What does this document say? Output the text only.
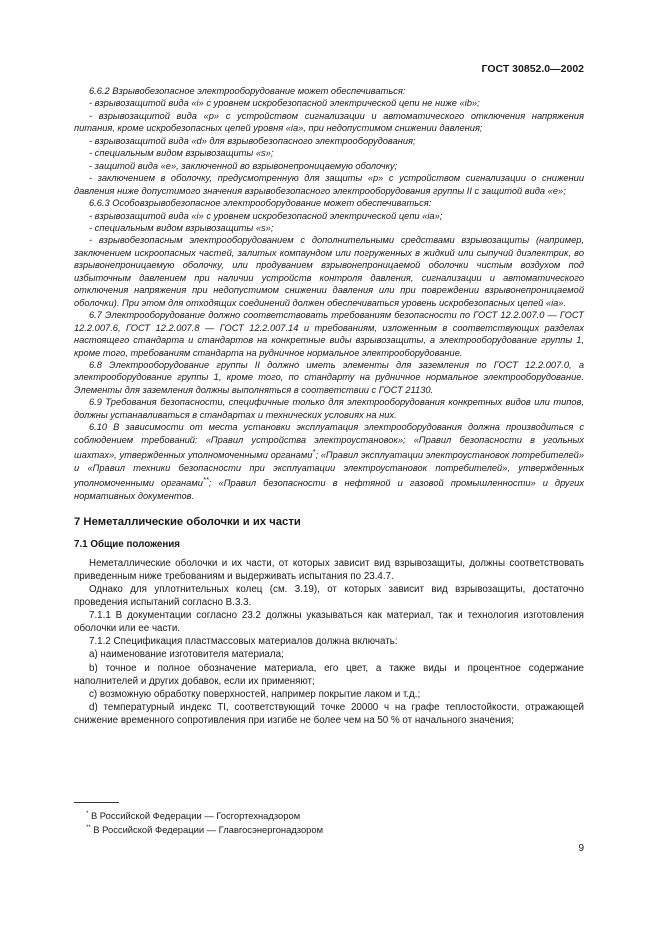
ГОСТ 30852.0—2002

6.6.2 Взрывобезопасное электрооборудование может обеспечиваться:

- взрывозащитой вида «i» с уровнем искробезопасной электрической цепи не ниже «ib»;

- взрывозащитой вида «р» с устройством сигнализации и автоматического отключения напряжения питания, кроме искробезопасных цепей уровня «ia», при недопустимом снижении давления;

- взрывозащитой вида «d» для взрывобезопасного электрооборудования;

- специальным видом взрывозащиты «s»;

- защитой вида «е», заключенной во взрывонепроницаемую оболочку;

- заключением в оболочку, предусмотренную для защиты «р» с устройством сигнализации о снижении давления ниже допустимого значения взрывобезопасного электрооборудования группы II с защитой вида «е»;

6.6.3 Особовзрывобезопасное электрооборудование может обеспечиваться:

- взрывозащитой вида «i» с уровнем искробезопасной электрической цепи «ia»;

- специальным видом взрывозащиты «s»;

- взрывобезопасным электрооборудованием с дополнительными средствами взрывозащиты (например, заключением искроопасных частей, залитых компаундом или погруженных в жидкий или сыпучий диэлектрик, во взрывонепроницаемую оболочку, или продуванием взрывонепроницаемой оболочки чистым воздухом под избыточным давлением при наличии устройств контроля давления, сигнализации и автоматического отключения напряжения при недопустимом снижении давления или при повреждении взрывонепроницаемой оболочки). При этом для отходящих соединений должен обеспечиваться уровень искробезопасных цепей «ia».

6.7 Электрооборудование должно соответствовать требованиям безопасности по ГОСТ 12.2.007.0 — ГОСТ 12.2.007.6, ГОСТ 12.2.007.8 — ГОСТ 12.2.007.14 и требованиям, изложенным в соответствующих разделах настоящего стандарта и стандартов на конкретные виды взрывозащиты, а электрооборудование группы 1, кроме того, требованиям стандарта на рудничное нормальное электрооборудование.

6.8 Электрооборудование группы II должно иметь элементы для заземления по ГОСТ 12.2.007.0, а электрооборудование группы 1, кроме того, по стандарту на рудничное нормальное электрооборудование. Элементы для заземления должны выполняться в соответствии с ГОСТ 21130.

6.9 Требования безопасности, специфичные только для электрооборудования конкретных видов или типов, должны устанавливаться в стандартах и технических условиях на них.

6.10 В зависимости от места установки эксплуатация электрооборудования должна производиться с соблюдением требований: «Правил устройства электроустановок»; «Правил безопасности в угольных шахтах», утвержденных уполномоченными органами*; «Правил эксплуатации электроустановок потребителей» и «Правил техники безопасности при эксплуатации электроустановок потребителей», утвержденных уполномоченными органами**; «Правил безопасности в нефтяной и газовой промышленности» и других нормативных документов.

7 Неметаллические оболочки и их части
7.1 Общие положения

Неметаллические оболочки и их части, от которых зависит вид взрывозащиты, должны соответствовать приведенным ниже требованиям и выдерживать испытания по 23.4.7.

Однако для уплотнительных колец (см. 3.19), от которых зависит вид взрывозащиты, достаточно проведения испытаний согласно В.3.3.

7.1.1 В документации согласно 23.2 должны указываться как материал, так и технология изготовления оболочки или ее части.

7.1.2 Спецификация пластмассовых материалов должна включать:

a) наименование изготовителя материала;

b) точное и полное обозначение материала, его цвет, а также виды и процентное содержание наполнителей и других добавок, если их применяют;

c) возможную обработку поверхностей, например покрытие лаком и т.д.;

d) температурный индекс TI, соответствующий точке 20000 ч на графе теплостойкости, отражающей снижение временного сопротивления при изгибе не более чем на 50 % от начального значения;

* В Российской Федерации — Госгортехнадзором
** В Российской Федерации — Главгосэнергонадзором
9
